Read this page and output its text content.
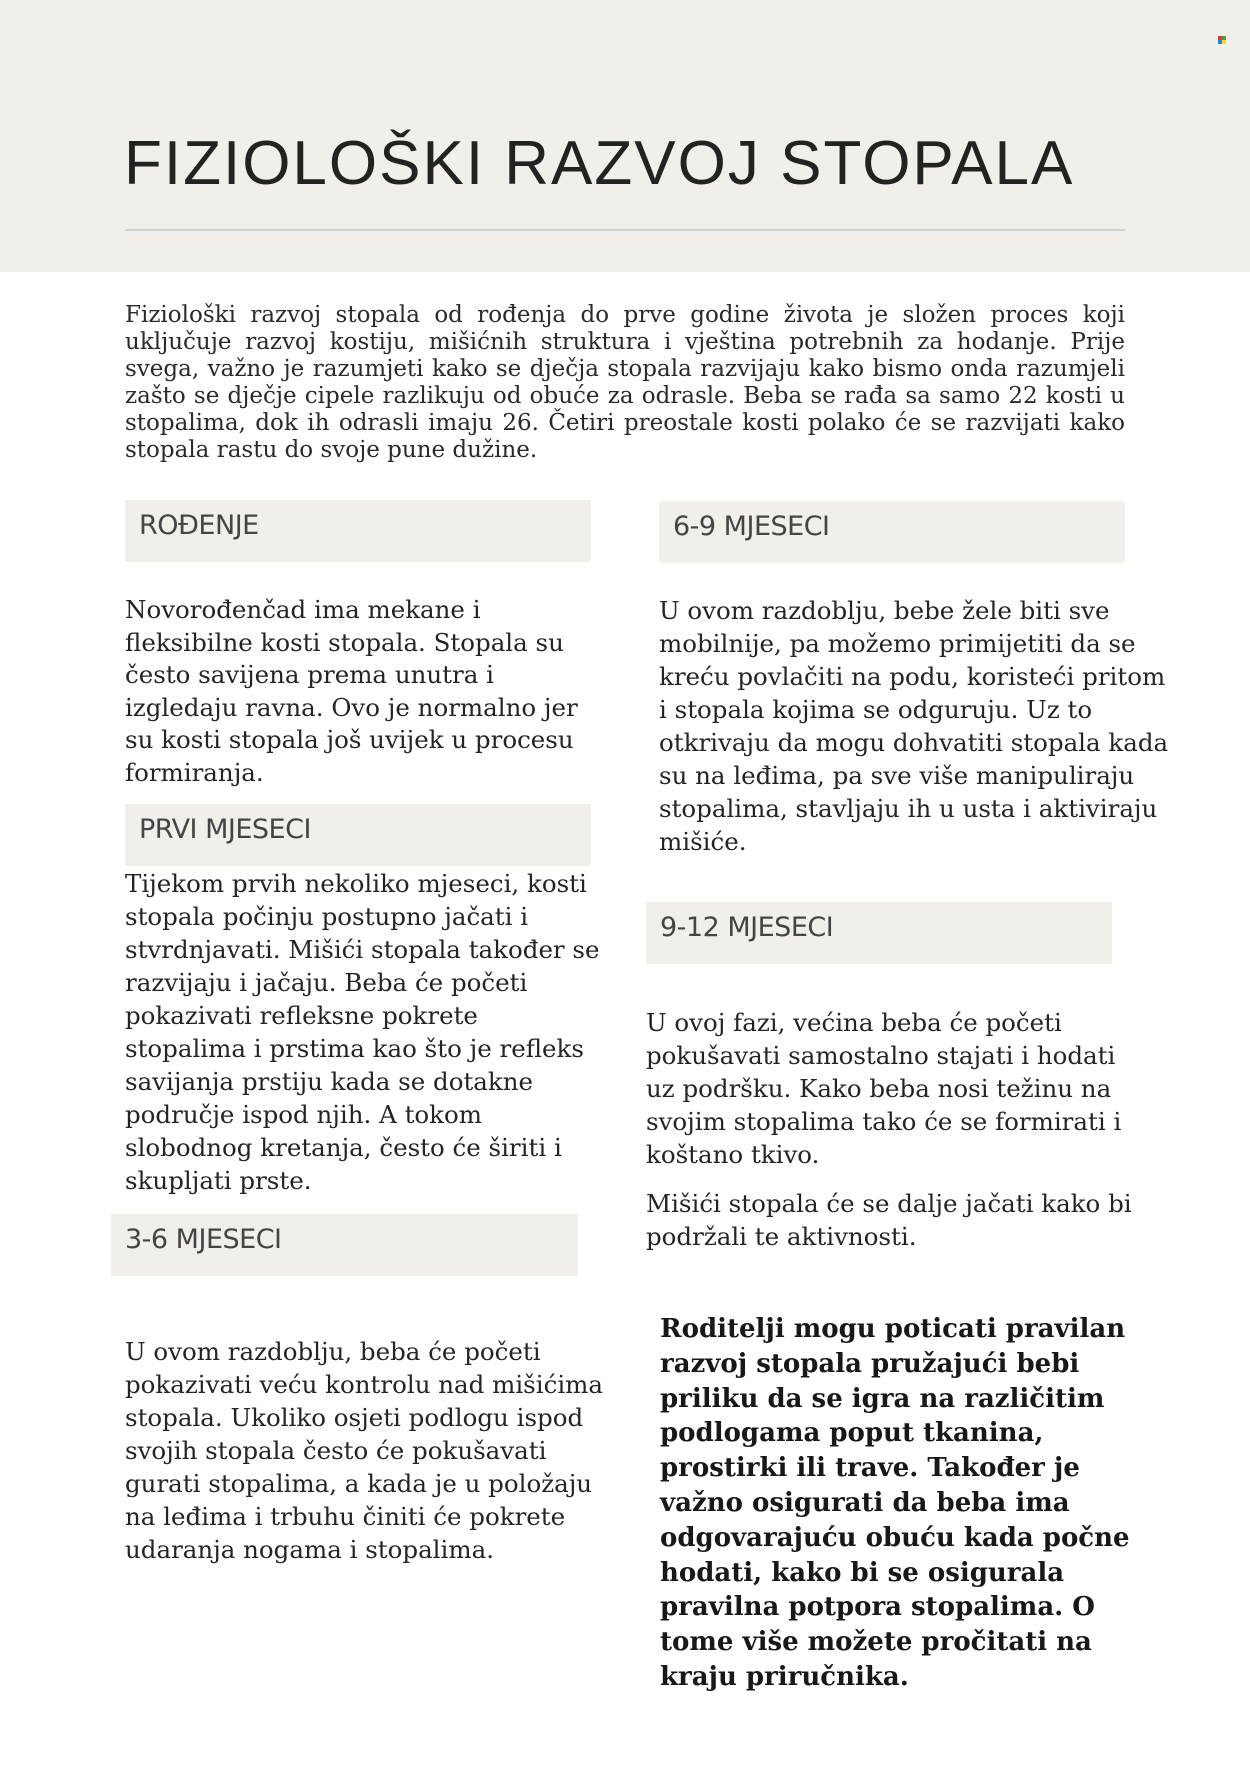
FIZIOLOŠKI RAZVOJ STOPALA

Fiziološki razvoj stopala od rođenja do prve godine života je složen proces koji uključuje razvoj kostiju, mišićnih struktura i vještina potrebnih za hodanje. Prije svega, važno je razumjeti kako se dječja stopala razvijaju kako bismo onda razumjeli zašto se dječje cipele razlikuju od obuće za odrasle. Beba se rađa sa samo 22 kosti u stopalima, dok ih odrasli imaju 26. Četiri preostale kosti polako će se razvijati kako stopala rastu do svoje pune dužine.

ROĐENJE

Novorođenčad ima mekane i fleksibilne kosti stopala. Stopala su često savijena prema unutra i izgledaju ravna. Ovo je normalno jer su kosti stopala još uvijek u procesu formiranja.

PRVI MJESECI

Tijekom prvih nekoliko mjeseci, kosti stopala počinju postupno jačati i stvrdnjavati. Mišići stopala također se razvijaju i jačaju. Beba će početi pokazivati refleksne pokrete stopalima i prstima kao što je refleks savijanja prstiju kada se dotakne područje ispod njih. A tokom slobodnog kretanja, često će širiti i skupljati prste.

3-6 MJESECI

U ovom razdoblju, beba će početi pokazivati veću kontrolu nad mišićima stopala. Ukoliko osjeti podlogu ispod svojih stopala često će pokušavati gurati stopalima, a kada je u položaju na leđima i trbuhu činiti će pokrete udaranja nogama i stopalima.

6-9 MJESECI

U ovom razdoblju, bebe žele biti sve mobilnije, pa možemo primijetiti da se kreću povlačiti na podu, koristeći pritom i stopala kojima se odguruju. Uz to otkrivaju da mogu dohvatiti stopala kada su na leđima, pa sve više manipuliraju stopalima, stavljaju ih u usta i aktiviraju mišiće.

9-12 MJESECI

U ovoj fazi, većina beba će početi pokušavati samostalno stajati i hodati uz podršku. Kako beba nosi težinu na svojim stopalima tako će se formirati i koštano tkivo.

Mišići stopala će se dalje jačati kako bi podržali te aktivnosti.

Roditelji mogu poticati pravilan razvoj stopala pružajući bebi priliku da se igra na različitim podlogama poput tkanina, prostirki ili trave. Također je važno osigurati da beba ima odgovarajuću obuću kada počne hodati, kako bi se osigurala pravilna potpora stopalima. O tome više možete pročitati na kraju priručnika.
